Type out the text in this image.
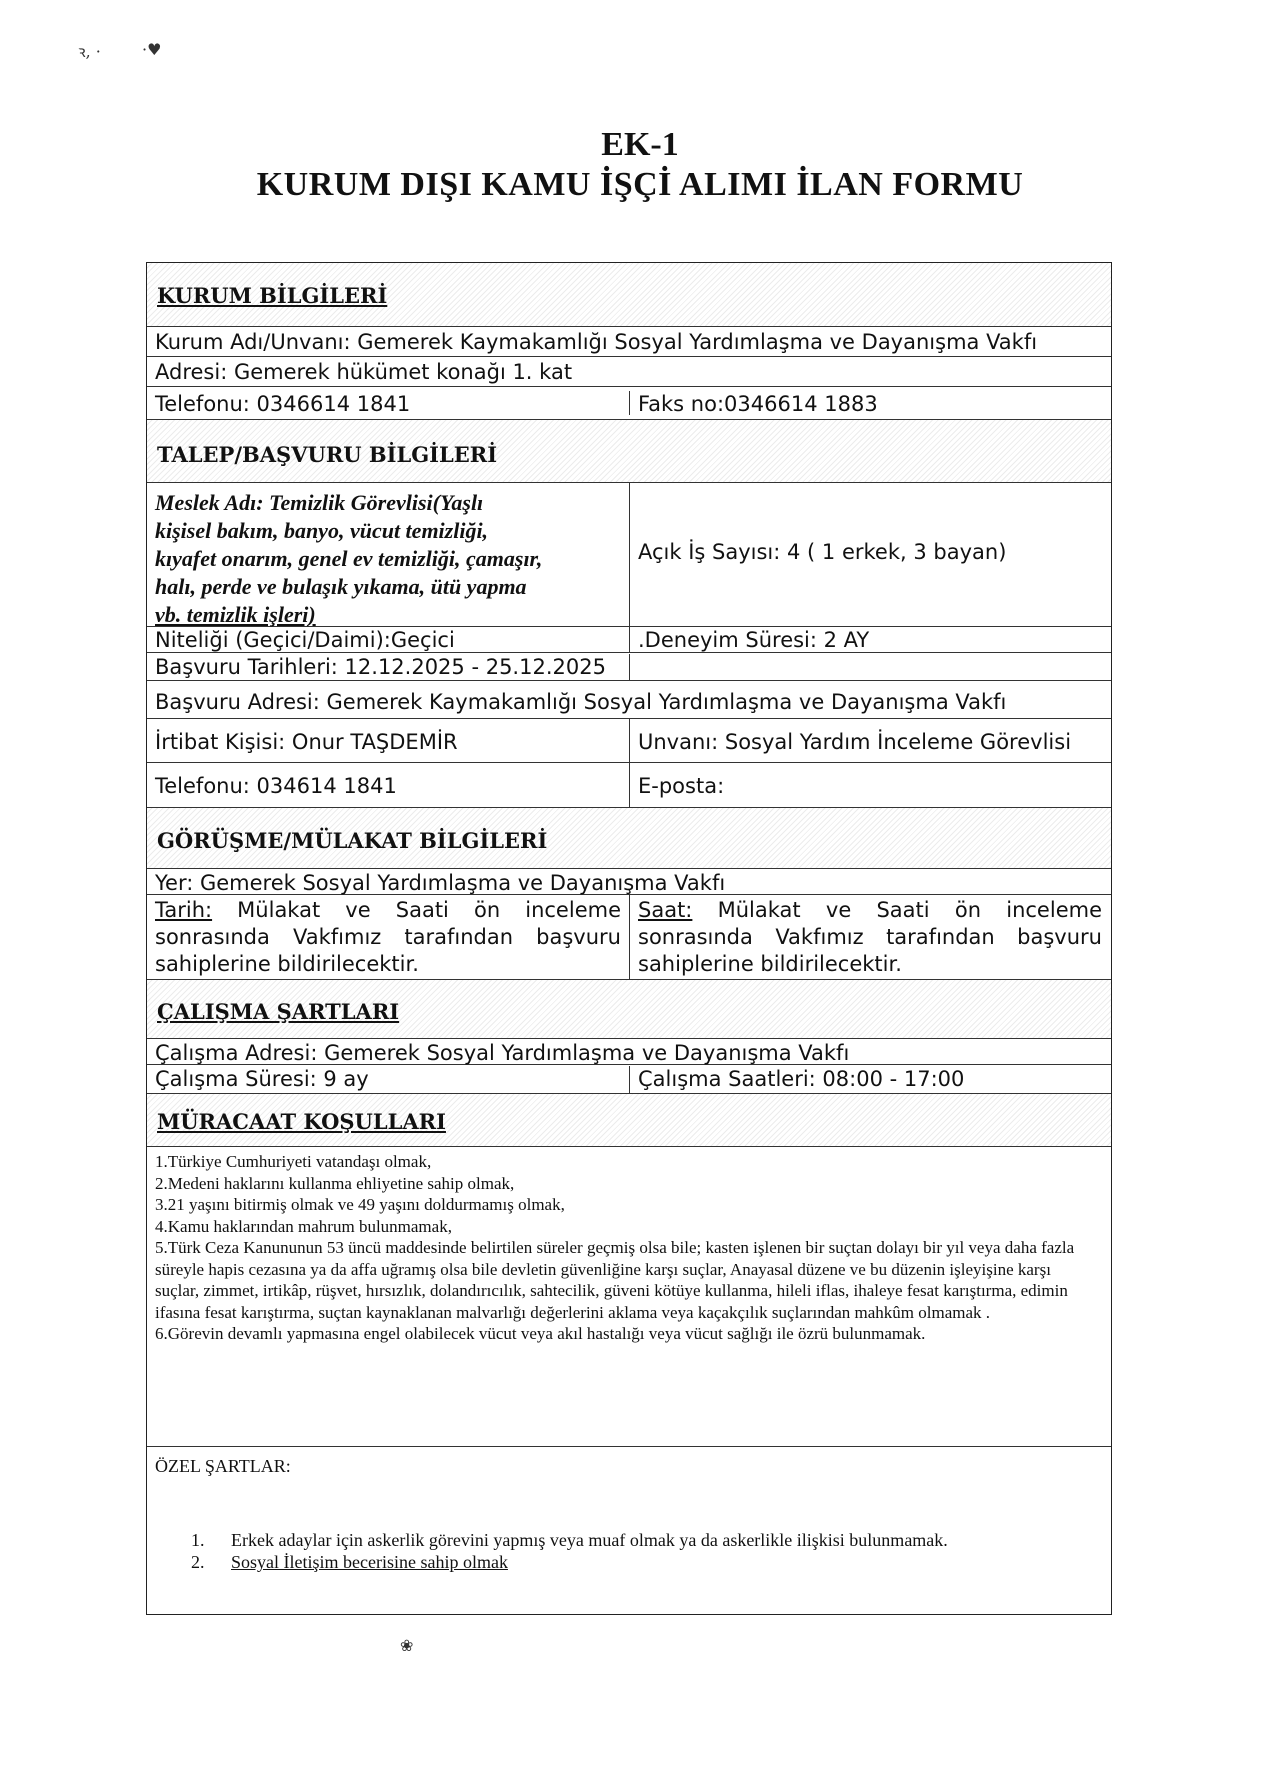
ꝛ, ·	·♥
EK-1
KURUM DIŞI KAMU İŞÇİ ALIMI İLAN FORMU
KURUM BİLGİLERİ
Kurum Adı/Unvanı: Gemerek Kaymakamlığı Sosyal Yardımlaşma ve Dayanışma Vakfı
Adresi: Gemerek hükümet konağı 1. kat
Telefonu: 0346614 1841	Faks no:0346614 1883
TALEP/BAŞVURU BİLGİLERİ
Meslek Adı: Temizlik Görevlisi(Yaşlı
kişisel bakım, banyo, vücut temizliği,
kıyafet onarım, genel ev temizliği, çamaşır,
halı, perde ve bulaşık yıkama, ütü yapma
vb. temizlik işleri)
Açık İş Sayısı: 4 ( 1 erkek, 3 bayan)
Niteliği (Geçici/Daimi):Geçici	.Deneyim Süresi: 2 AY
Başvuru Tarihleri: 12.12.2025 - 25.12.2025
Başvuru Adresi: Gemerek Kaymakamlığı Sosyal Yardımlaşma ve Dayanışma Vakfı
İrtibat Kişisi: Onur TAŞDEMİR	Unvanı: Sosyal Yardım İnceleme Görevlisi
Telefonu: 034614 1841	E-posta:
GÖRÜŞME/MÜLAKAT BİLGİLERİ
Yer: Gemerek Sosyal Yardımlaşma ve Dayanışma Vakfı
Tarih: Mülakat ve Saati ön inceleme sonrasında Vakfımız tarafından başvuru sahiplerine bildirilecektir.
Saat: Mülakat ve Saati ön inceleme sonrasında Vakfımız tarafından başvuru sahiplerine bildirilecektir.
ÇALIŞMA ŞARTLARI
Çalışma Adresi: Gemerek Sosyal Yardımlaşma ve Dayanışma Vakfı
Çalışma Süresi: 9 ay	Çalışma Saatleri: 08:00 - 17:00
MÜRACAAT KOŞULLARI
1.Türkiye Cumhuriyeti vatandaşı olmak,
2.Medeni haklarını kullanma ehliyetine sahip olmak,
3.21 yaşını bitirmiş olmak ve 49 yaşını doldurmamış olmak,
4.Kamu haklarından mahrum bulunmamak,
5.Türk Ceza Kanununun 53 üncü maddesinde belirtilen süreler geçmiş olsa bile; kasten işlenen bir suçtan dolayı bir yıl veya daha fazla süreyle hapis cezasına ya da affa uğramış olsa bile devletin güvenliğine karşı suçlar, Anayasal düzene ve bu düzenin işleyişine karşı suçlar, zimmet, irtikâp, rüşvet, hırsızlık, dolandırıcılık, sahtecilik, güveni kötüye kullanma, hileli iflas, ihaleye fesat karıştırma, edimin ifasına fesat karıştırma, suçtan kaynaklanan malvarlığı değerlerini aklama veya kaçakçılık suçlarından mahkûm olmamak .
6.Görevin devamlı yapmasına engel olabilecek vücut veya akıl hastalığı veya vücut sağlığı ile özrü bulunmamak.
ÖZEL ŞARTLAR:
1. Erkek adaylar için askerlik görevini yapmış veya muaf olmak ya da askerlikle ilişkisi bulunmamak.
2. Sosyal İletişim becerisine sahip olmak
❀
